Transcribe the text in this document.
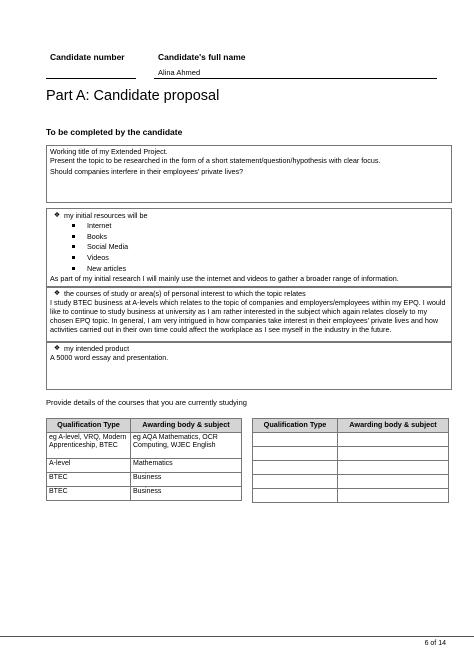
Candidate number	Candidate's full name
Alina Ahmed
Part A: Candidate proposal
To be completed by the candidate

Working title of my Extended Project.

Present the topic to be researched in the form of a short statement/question/hypothesis with clear focus.

Should companies interfere in their employees' private lives?

❖ my initial resources will be
Internet
Books
Social Media
Videos
New articles

As part of my initial research I will mainly use the internet and videos to gather a broader range of information.

❖ the courses of study or area(s) of personal interest to which the topic relates

I study BTEC business at A-levels which relates to the topic of companies and employers/employees within my EPQ. I would like to continue to study business at university as I am rather interested in the subject which again relates closely to my chosen EPQ topic. In general, I am very intrigued in how companies take interest in their employees' private lives and how activities carried out in their own time could affect the workplace as I see myself in the industry in the future.

❖ my intended product

A 5000 word essay and presentation.

Provide details of the courses that you are currently studying
Qualification Type	Awarding body & subject
eg A-level, VRQ, Modern Apprenticeship, BTEC	eg AQA Mathematics, OCR Computing, WJEC English
A-level	Mathematics
BTEC	Business
BTEC	Business
Qualification Type	Awarding body & subject

6 of 14
